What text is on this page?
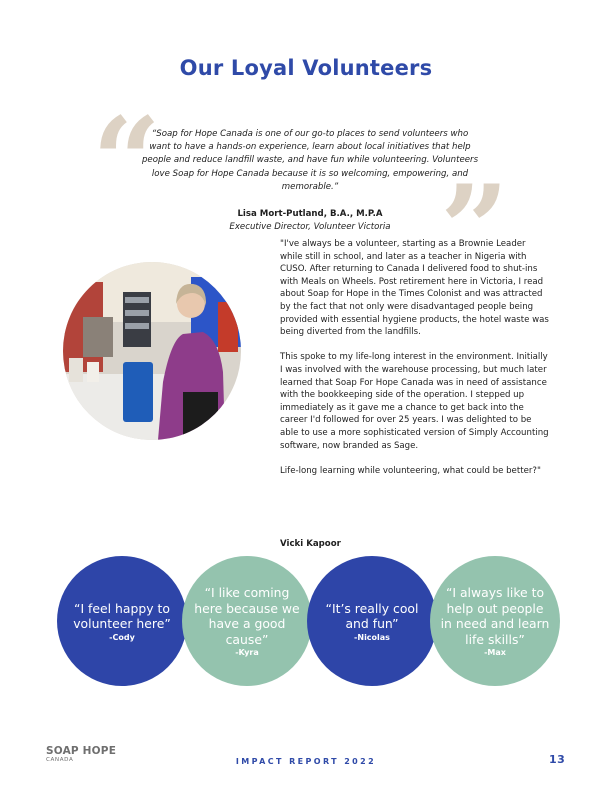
Our Loyal Volunteers
“
“Soap for Hope Canada is one of our go-to places to send volunteers who want to have a hands-on experience, learn about local initiatives that help people and reduce landfill waste, and have fun while volunteering. Volunteers love Soap for Hope Canada because it is so welcoming, empowering, and memorable.” ”
Lisa Mort-Putland, B.A., M.P.A
Executive Director, Volunteer Victoria

"I've always be a volunteer, starting as a Brownie Leader while still in school, and later as a teacher in Nigeria with CUSO. After returning to Canada I delivered food to shut-ins with Meals on Wheels. Post retirement here in Victoria, I read about Soap for Hope in the Times Colonist and was attracted by the fact that not only were disadvantaged people being provided with essential hygiene products, the hotel waste was being diverted from the landfills.

This spoke to my life-long interest in the environment. Initially I was involved with the warehouse processing, but much later learned that Soap For Hope Canada was in need of assistance with the bookkeeping side of the operation. I stepped up immediately as it gave me a chance to get back into the career I'd followed for over 25 years. I was delighted to be able to use a more sophisticated version of Simply Accounting software, now branded as Sage.

Life-long learning while volunteering, what could be better?"

Vicki Kapoor
“I feel happy to volunteer here”
-Cody
“I like coming here because we have a good cause”
-Kyra
“It’s really cool and fun”
-Nicolas
“I always like to help out people in need and learn life skills”
-Max
SOAP HOPE
CANADA	IMPACT REPORT 2022	13
